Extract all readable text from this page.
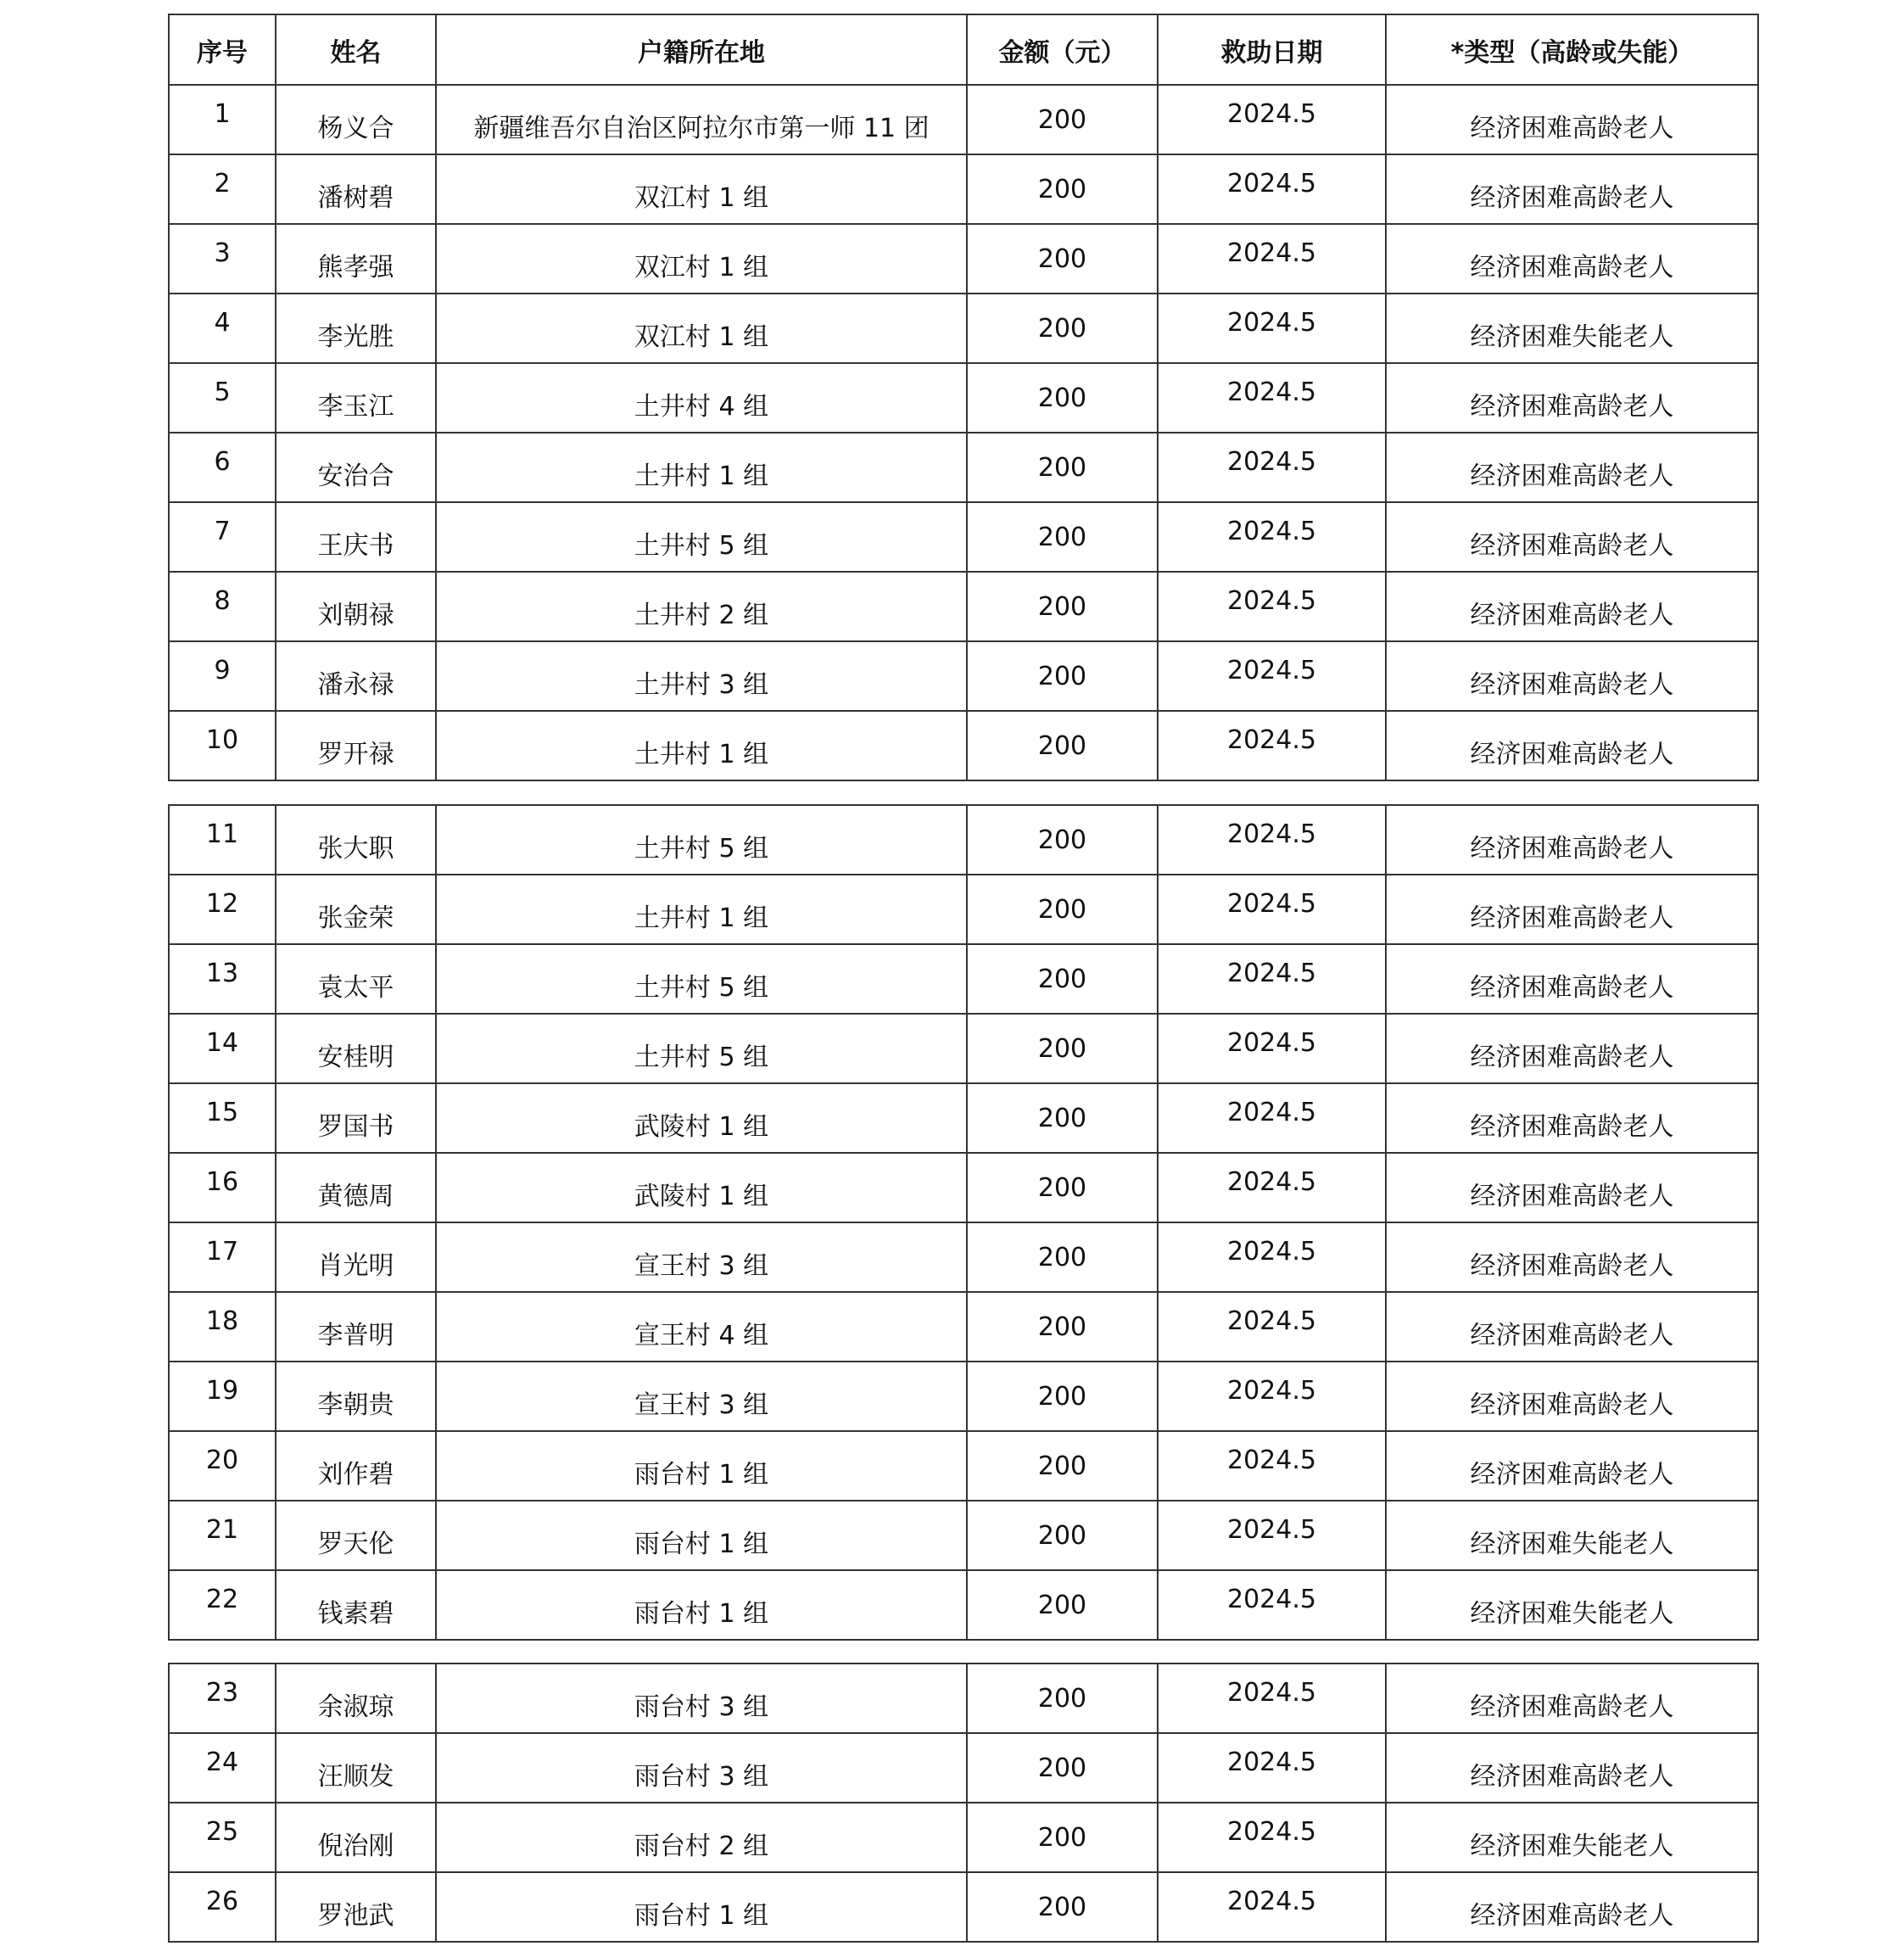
序号	姓名	户籍所在地	金额（元）	救助日期	*类型（高龄或失能）
1	杨义合	新疆维吾尔自治区阿拉尔市第一师 11 团	200	2024.5	经济困难高龄老人
2	潘树碧	双江村 1 组	200	2024.5	经济困难高龄老人
3	熊孝强	双江村 1 组	200	2024.5	经济困难高龄老人
4	李光胜	双江村 1 组	200	2024.5	经济困难失能老人
5	李玉江	土井村 4 组	200	2024.5	经济困难高龄老人
6	安治合	土井村 1 组	200	2024.5	经济困难高龄老人
7	王庆书	土井村 5 组	200	2024.5	经济困难高龄老人
8	刘朝禄	土井村 2 组	200	2024.5	经济困难高龄老人
9	潘永禄	土井村 3 组	200	2024.5	经济困难高龄老人
10	罗开禄	土井村 1 组	200	2024.5	经济困难高龄老人
11	张大职	土井村 5 组	200	2024.5	经济困难高龄老人
12	张金荣	土井村 1 组	200	2024.5	经济困难高龄老人
13	袁太平	土井村 5 组	200	2024.5	经济困难高龄老人
14	安桂明	土井村 5 组	200	2024.5	经济困难高龄老人
15	罗国书	武陵村 1 组	200	2024.5	经济困难高龄老人
16	黄德周	武陵村 1 组	200	2024.5	经济困难高龄老人
17	肖光明	宣王村 3 组	200	2024.5	经济困难高龄老人
18	李普明	宣王村 4 组	200	2024.5	经济困难高龄老人
19	李朝贵	宣王村 3 组	200	2024.5	经济困难高龄老人
20	刘作碧	雨台村 1 组	200	2024.5	经济困难高龄老人
21	罗天伦	雨台村 1 组	200	2024.5	经济困难失能老人
22	钱素碧	雨台村 1 组	200	2024.5	经济困难失能老人
23	余淑琼	雨台村 3 组	200	2024.5	经济困难高龄老人
24	汪顺发	雨台村 3 组	200	2024.5	经济困难高龄老人
25	倪治刚	雨台村 2 组	200	2024.5	经济困难失能老人
26	罗池武	雨台村 1 组	200	2024.5	经济困难高龄老人
